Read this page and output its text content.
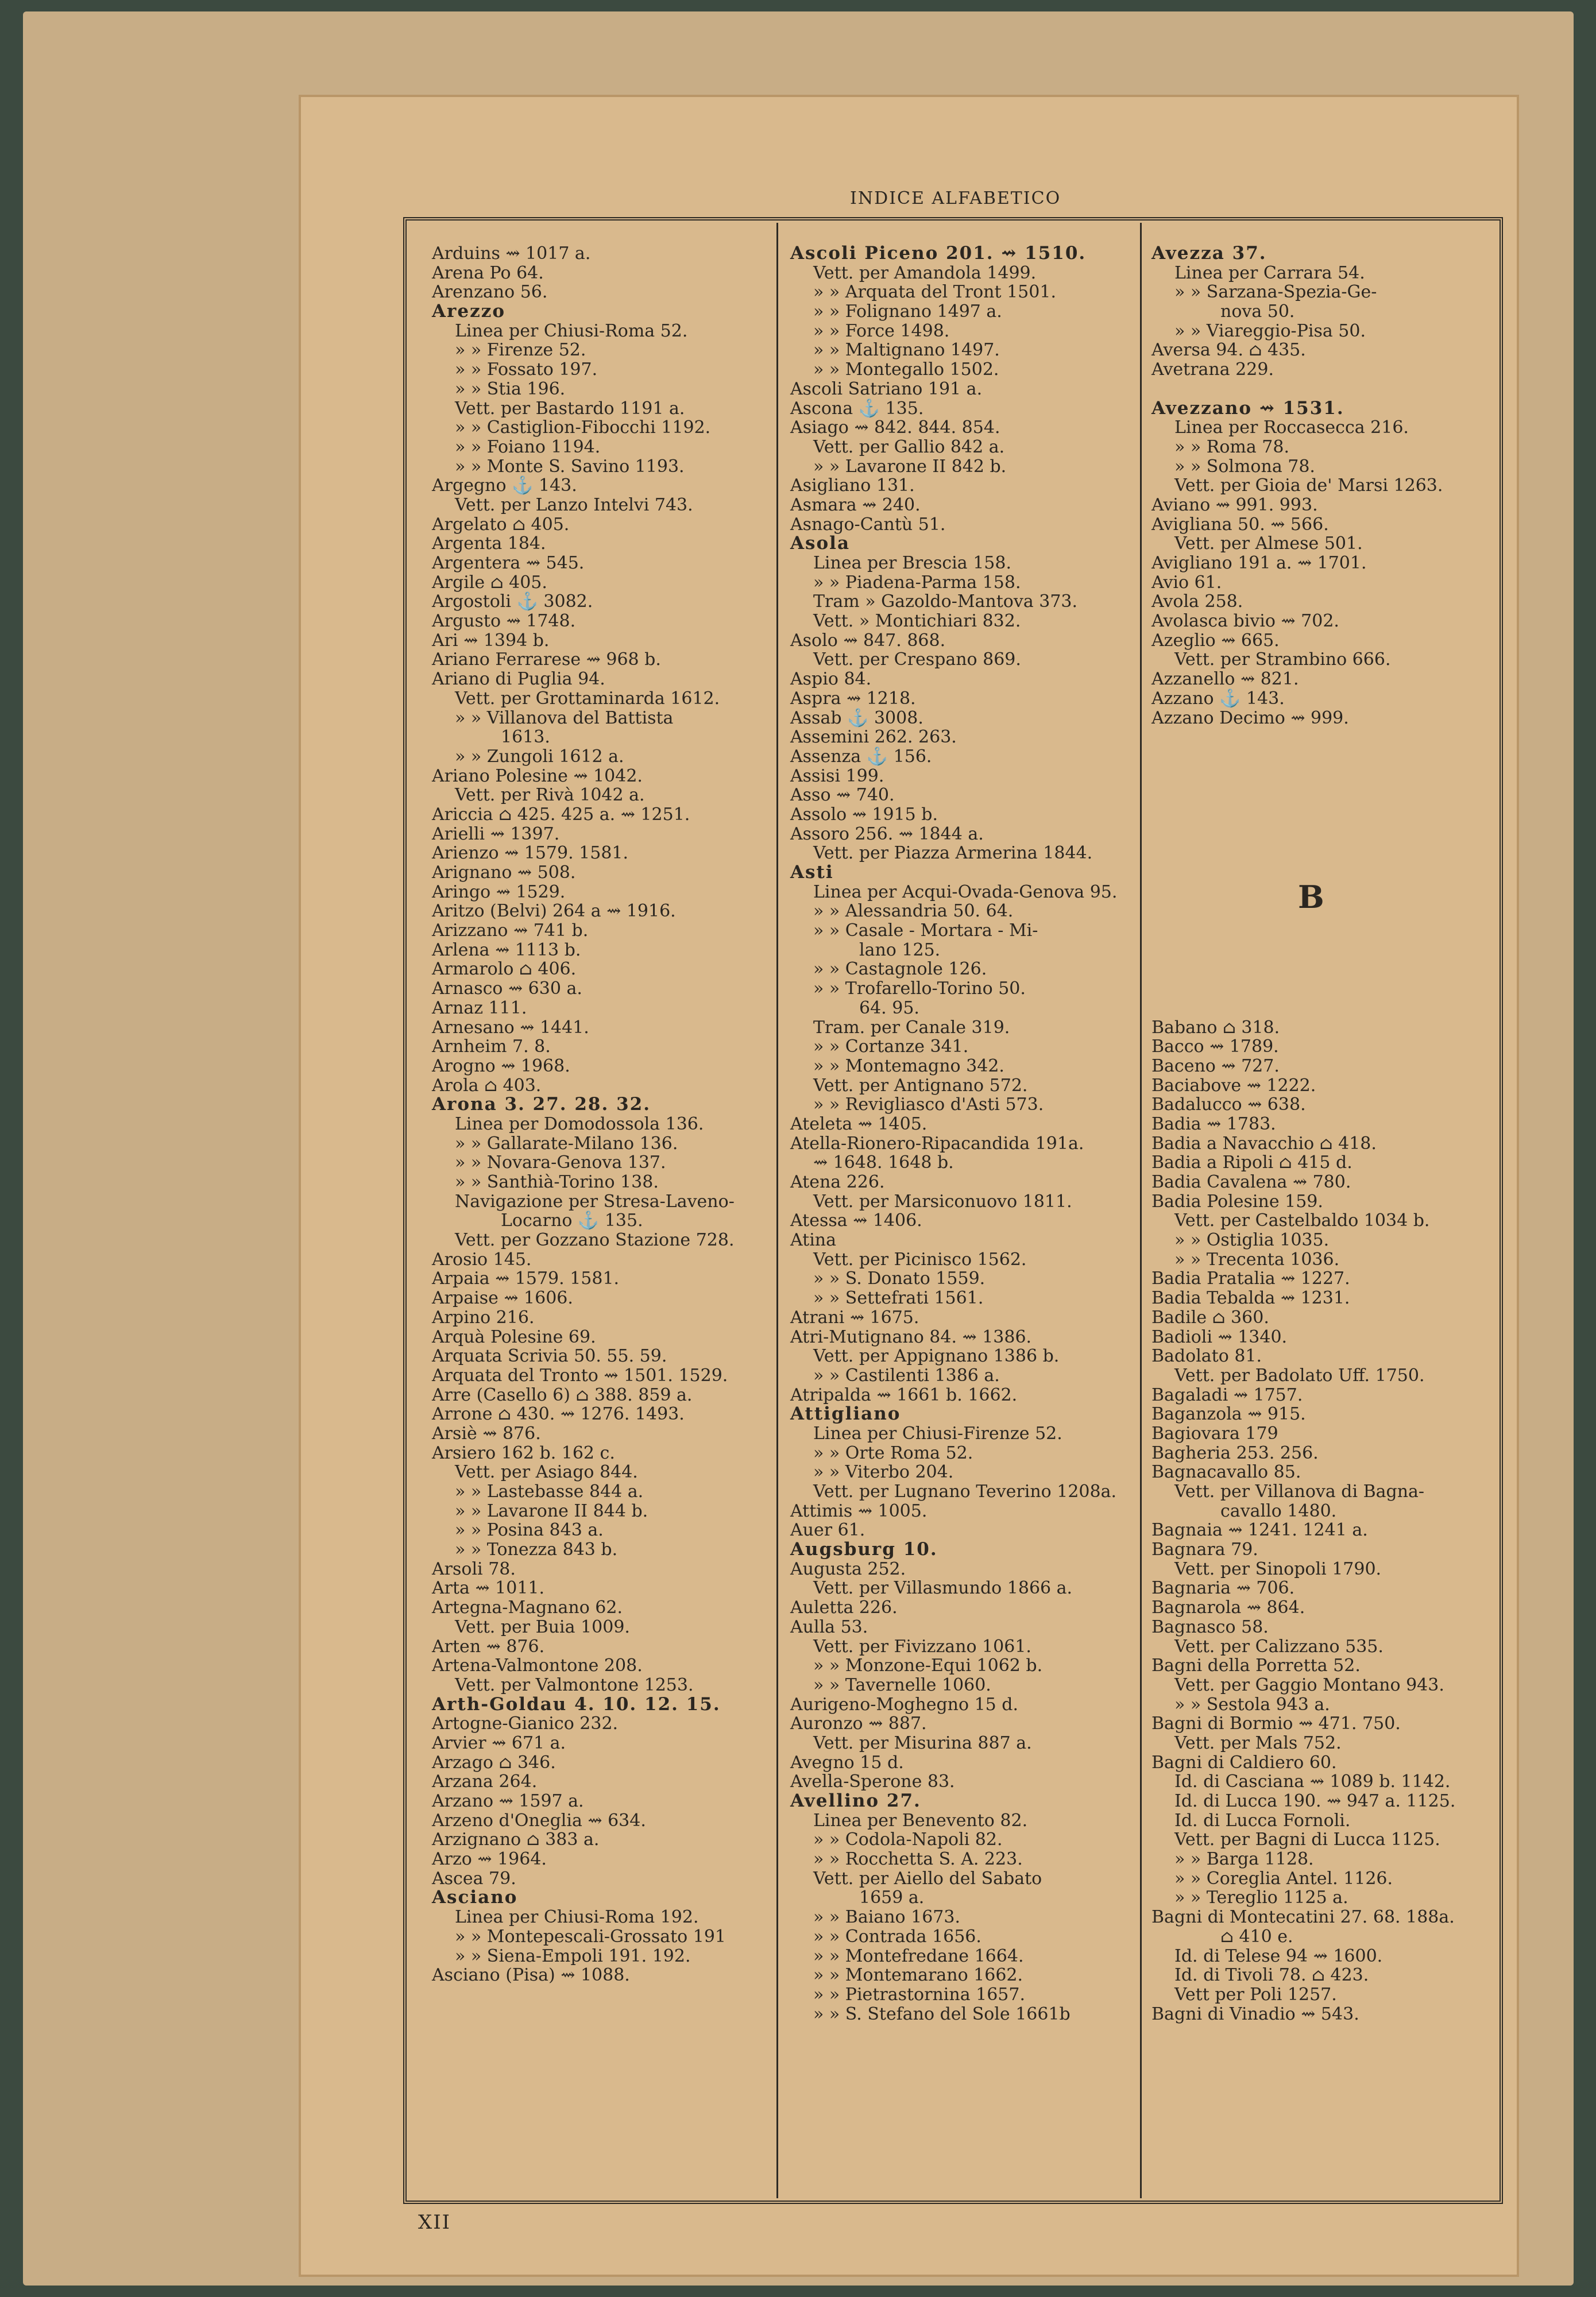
INDICE ALFABETICO
Arduins ⇝ 1017 a.
Arena Po 64.
Arenzano 56.
Arezzo
Linea per Chiusi-Roma 52.
» » Firenze 52.
» » Fossato 197.
» » Stia 196.
Vett. per Bastardo 1191 a.
» » Castiglion-Fibocchi 1192.
» » Foiano 1194.
» » Monte S. Savino 1193.
Argegno ⚓ 143.
Vett. per Lanzo Intelvi 743.
Argelato ⌂ 405.
Argenta 184.
Argentera ⇝ 545.
Argile ⌂ 405.
Argostoli ⚓ 3082.
Argusto ⇝ 1748.
Ari ⇝ 1394 b.
Ariano Ferrarese ⇝ 968 b.
Ariano di Puglia 94.
Vett. per Grottaminarda 1612.
» » Villanova del Battista
1613.
» » Zungoli 1612 a.
Ariano Polesine ⇝ 1042.
Vett. per Rivà 1042 a.
Ariccia ⌂ 425. 425 a. ⇝ 1251.
Arielli ⇝ 1397.
Arienzo ⇝ 1579. 1581.
Arignano ⇝ 508.
Aringo ⇝ 1529.
Aritzo (Belvi) 264 a ⇝ 1916.
Arizzano ⇝ 741 b.
Arlena ⇝ 1113 b.
Armarolo ⌂ 406.
Arnasco ⇝ 630 a.
Arnaz 111.
Arnesano ⇝ 1441.
Arnheim 7. 8.
Arogno ⇝ 1968.
Arola ⌂ 403.
Arona 3. 27. 28. 32.
Linea per Domodossola 136.
» » Gallarate-Milano 136.
» » Novara-Genova 137.
» » Santhià-Torino 138.
Navigazione per Stresa-Laveno-
Locarno ⚓ 135.
Vett. per Gozzano Stazione 728.
Arosio 145.
Arpaia ⇝ 1579. 1581.
Arpaise ⇝ 1606.
Arpino 216.
Arquà Polesine 69.
Arquata Scrivia 50. 55. 59.
Arquata del Tronto ⇝ 1501. 1529.
Arre (Casello 6) ⌂ 388. 859 a.
Arrone ⌂ 430. ⇝ 1276. 1493.
Arsiè ⇝ 876.
Arsiero 162 b. 162 c.
Vett. per Asiago 844.
» » Lastebasse 844 a.
» » Lavarone II 844 b.
» » Posina 843 a.
» » Tonezza 843 b.
Arsoli 78.
Arta ⇝ 1011.
Artegna-Magnano 62.
Vett. per Buia 1009.
Arten ⇝ 876.
Artena-Valmontone 208.
Vett. per Valmontone 1253.
Arth-Goldau 4. 10. 12. 15.
Artogne-Gianico 232.
Arvier ⇝ 671 a.
Arzago ⌂ 346.
Arzana 264.
Arzano ⇝ 1597 a.
Arzeno d'Oneglia ⇝ 634.
Arzignano ⌂ 383 a.
Arzo ⇝ 1964.
Ascea 79.
Asciano
Linea per Chiusi-Roma 192.
» » Montepescali-Grossato 191
» » Siena-Empoli 191. 192.
Asciano (Pisa) ⇝ 1088.
Ascoli Piceno 201. ⇝ 1510.
Vett. per Amandola 1499.
» » Arquata del Tront 1501.
» » Folignano 1497 a.
» » Force 1498.
» » Maltignano 1497.
» » Montegallo 1502.
Ascoli Satriano 191 a.
Ascona ⚓ 135.
Asiago ⇝ 842. 844. 854.
Vett. per Gallio 842 a.
» » Lavarone II 842 b.
Asigliano 131.
Asmara ⇝ 240.
Asnago-Cantù 51.
Asola
Linea per Brescia 158.
» » Piadena-Parma 158.
Tram » Gazoldo-Mantova 373.
Vett. » Montichiari 832.
Asolo ⇝ 847. 868.
Vett. per Crespano 869.
Aspio 84.
Aspra ⇝ 1218.
Assab ⚓ 3008.
Assemini 262. 263.
Assenza ⚓ 156.
Assisi 199.
Asso ⇝ 740.
Assolo ⇝ 1915 b.
Assoro 256. ⇝ 1844 a.
Vett. per Piazza Armerina 1844.
Asti
Linea per Acqui-Ovada-Genova 95.
» » Alessandria 50. 64.
» » Casale - Mortara - Mi-
lano 125.
» » Castagnole 126.
» » Trofarello-Torino 50.
64. 95.
Tram. per Canale 319.
» » Cortanze 341.
» » Montemagno 342.
Vett. per Antignano 572.
» » Revigliasco d'Asti 573.
Ateleta ⇝ 1405.
Atella-Rionero-Ripacandida 191a.
⇝ 1648. 1648 b.
Atena 226.
Vett. per Marsiconuovo 1811.
Atessa ⇝ 1406.
Atina
Vett. per Picinisco 1562.
» » S. Donato 1559.
» » Settefrati 1561.
Atrani ⇝ 1675.
Atri-Mutignano 84. ⇝ 1386.
Vett. per Appignano 1386 b.
» » Castilenti 1386 a.
Atripalda ⇝ 1661 b. 1662.
Attigliano
Linea per Chiusi-Firenze 52.
» » Orte Roma 52.
» » Viterbo 204.
Vett. per Lugnano Teverino 1208a.
Attimis ⇝ 1005.
Auer 61.
Augsburg 10.
Augusta 252.
Vett. per Villasmundo 1866 a.
Auletta 226.
Aulla 53.
Vett. per Fivizzano 1061.
» » Monzone-Equi 1062 b.
» » Tavernelle 1060.
Aurigeno-Moghegno 15 d.
Auronzo ⇝ 887.
Vett. per Misurina 887 a.
Avegno 15 d.
Avella-Sperone 83.
Avellino 27.
Linea per Benevento 82.
» » Codola-Napoli 82.
» » Rocchetta S. A. 223.
Vett. per Aiello del Sabato
1659 a.
» » Baiano 1673.
» » Contrada 1656.
» » Montefredane 1664.
» » Montemarano 1662.
» » Pietrastornina 1657.
» » S. Stefano del Sole 1661b
Avezza 37.
Linea per Carrara 54.
» » Sarzana-Spezia-Ge-
nova 50.
» » Viareggio-Pisa 50.
Aversa 94. ⌂ 435.
Avetrana 229.
Avezzano ⇝ 1531.
Linea per Roccasecca 216.
» » Roma 78.
» » Solmona 78.
Vett. per Gioia de' Marsi 1263.
Aviano ⇝ 991. 993.
Avigliana 50. ⇝ 566.
Vett. per Almese 501.
Avigliano 191 a. ⇝ 1701.
Avio 61.
Avola 258.
Avolasca bivio ⇝ 702.
Azeglio ⇝ 665.
Vett. per Strambino 666.
Azzanello ⇝ 821.
Azzano ⚓ 143.
Azzano Decimo ⇝ 999.
Babano ⌂ 318.
Bacco ⇝ 1789.
Baceno ⇝ 727.
Baciabove ⇝ 1222.
Badalucco ⇝ 638.
Badia ⇝ 1783.
Badia a Navacchio ⌂ 418.
Badia a Ripoli ⌂ 415 d.
Badia Cavalena ⇝ 780.
Badia Polesine 159.
Vett. per Castelbaldo 1034 b.
» » Ostiglia 1035.
» » Trecenta 1036.
Badia Pratalia ⇝ 1227.
Badia Tebalda ⇝ 1231.
Badile ⌂ 360.
Badioli ⇝ 1340.
Badolato 81.
Vett. per Badolato Uff. 1750.
Bagaladi ⇝ 1757.
Baganzola ⇝ 915.
Bagiovara 179
Bagheria 253. 256.
Bagnacavallo 85.
Vett. per Villanova di Bagna-
cavallo 1480.
Bagnaia ⇝ 1241. 1241 a.
Bagnara 79.
Vett. per Sinopoli 1790.
Bagnaria ⇝ 706.
Bagnarola ⇝ 864.
Bagnasco 58.
Vett. per Calizzano 535.
Bagni della Porretta 52.
Vett. per Gaggio Montano 943.
» » Sestola 943 a.
Bagni di Bormio ⇝ 471. 750.
Vett. per Mals 752.
Bagni di Caldiero 60.
Id. di Casciana ⇝ 1089 b. 1142.
Id. di Lucca 190. ⇝ 947 a. 1125.
Id. di Lucca Fornoli.
Vett. per Bagni di Lucca 1125.
» » Barga 1128.
» » Coreglia Antel. 1126.
» » Tereglio 1125 a.
Bagni di Montecatini 27. 68. 188a.
⌂ 410 e.
Id. di Telese 94 ⇝ 1600.
Id. di Tivoli 78. ⌂ 423.
Vett per Poli 1257.
Bagni di Vinadio ⇝ 543.
B
XII
